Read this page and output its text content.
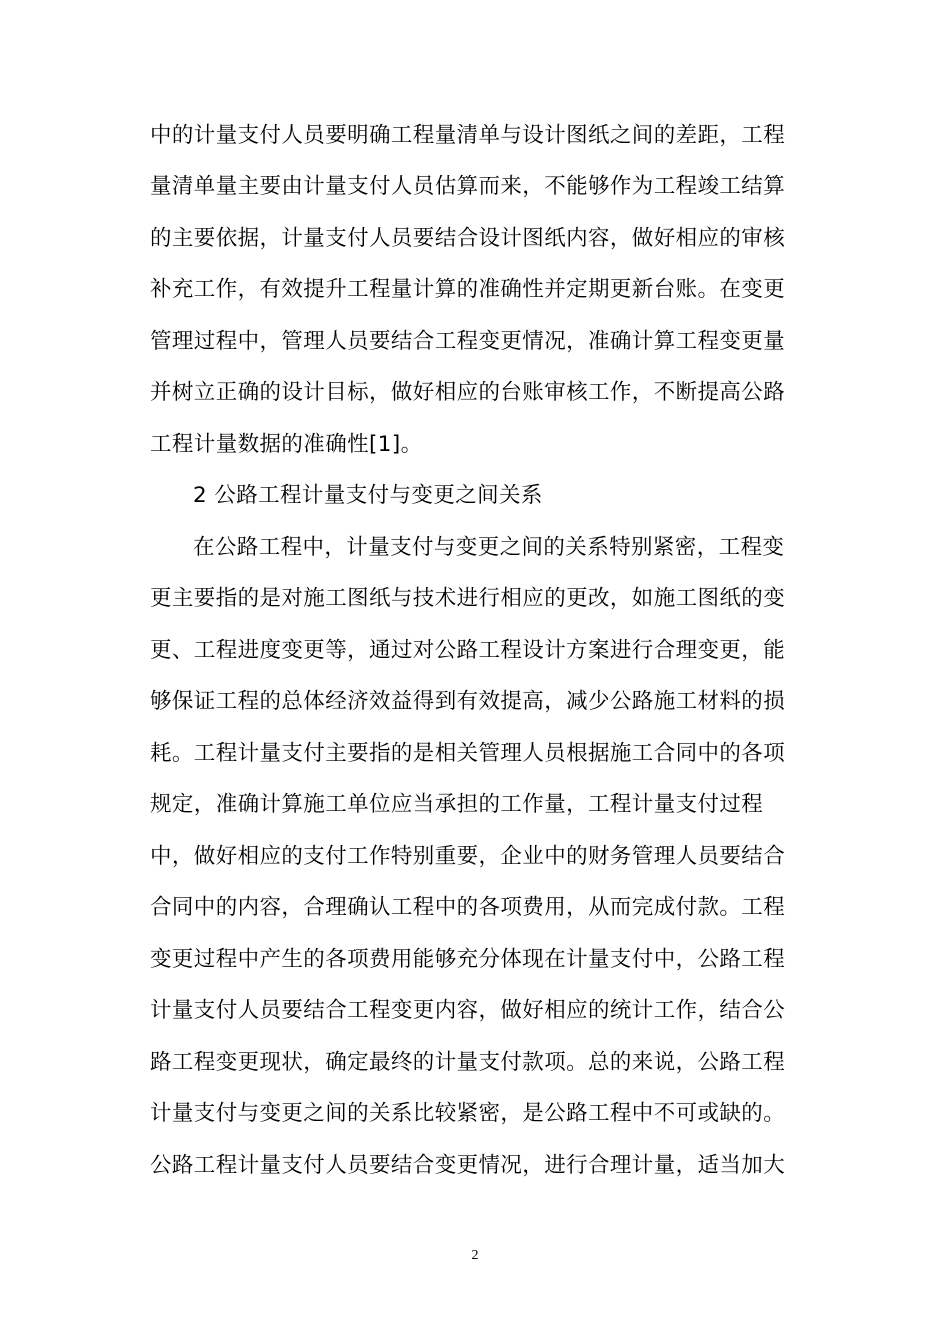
中的计量支付人员要明确工程量清单与设计图纸之间的差距，工程
量清单量主要由计量支付人员估算而来，不能够作为工程竣工结算
的主要依据，计量支付人员要结合设计图纸内容，做好相应的审核
补充工作，有效提升工程量计算的准确性并定期更新台账。在变更
管理过程中，管理人员要结合工程变更情况，准确计算工程变更量
并树立正确的设计目标，做好相应的台账审核工作，不断提高公路
工程计量数据的准确性[1]。
2 公路工程计量支付与变更之间关系
在公路工程中，计量支付与变更之间的关系特别紧密，工程变
更主要指的是对施工图纸与技术进行相应的更改，如施工图纸的变
更、工程进度变更等，通过对公路工程设计方案进行合理变更，能
够保证工程的总体经济效益得到有效提高，减少公路施工材料的损
耗。工程计量支付主要指的是相关管理人员根据施工合同中的各项
规定，准确计算施工单位应当承担的工作量，工程计量支付过程
中，做好相应的支付工作特别重要，企业中的财务管理人员要结合
合同中的内容，合理确认工程中的各项费用，从而完成付款。工程
变更过程中产生的各项费用能够充分体现在计量支付中，公路工程
计量支付人员要结合工程变更内容，做好相应的统计工作，结合公
路工程变更现状，确定最终的计量支付款项。总的来说，公路工程
计量支付与变更之间的关系比较紧密，是公路工程中不可或缺的。
公路工程计量支付人员要结合变更情况，进行合理计量，适当加大
2
